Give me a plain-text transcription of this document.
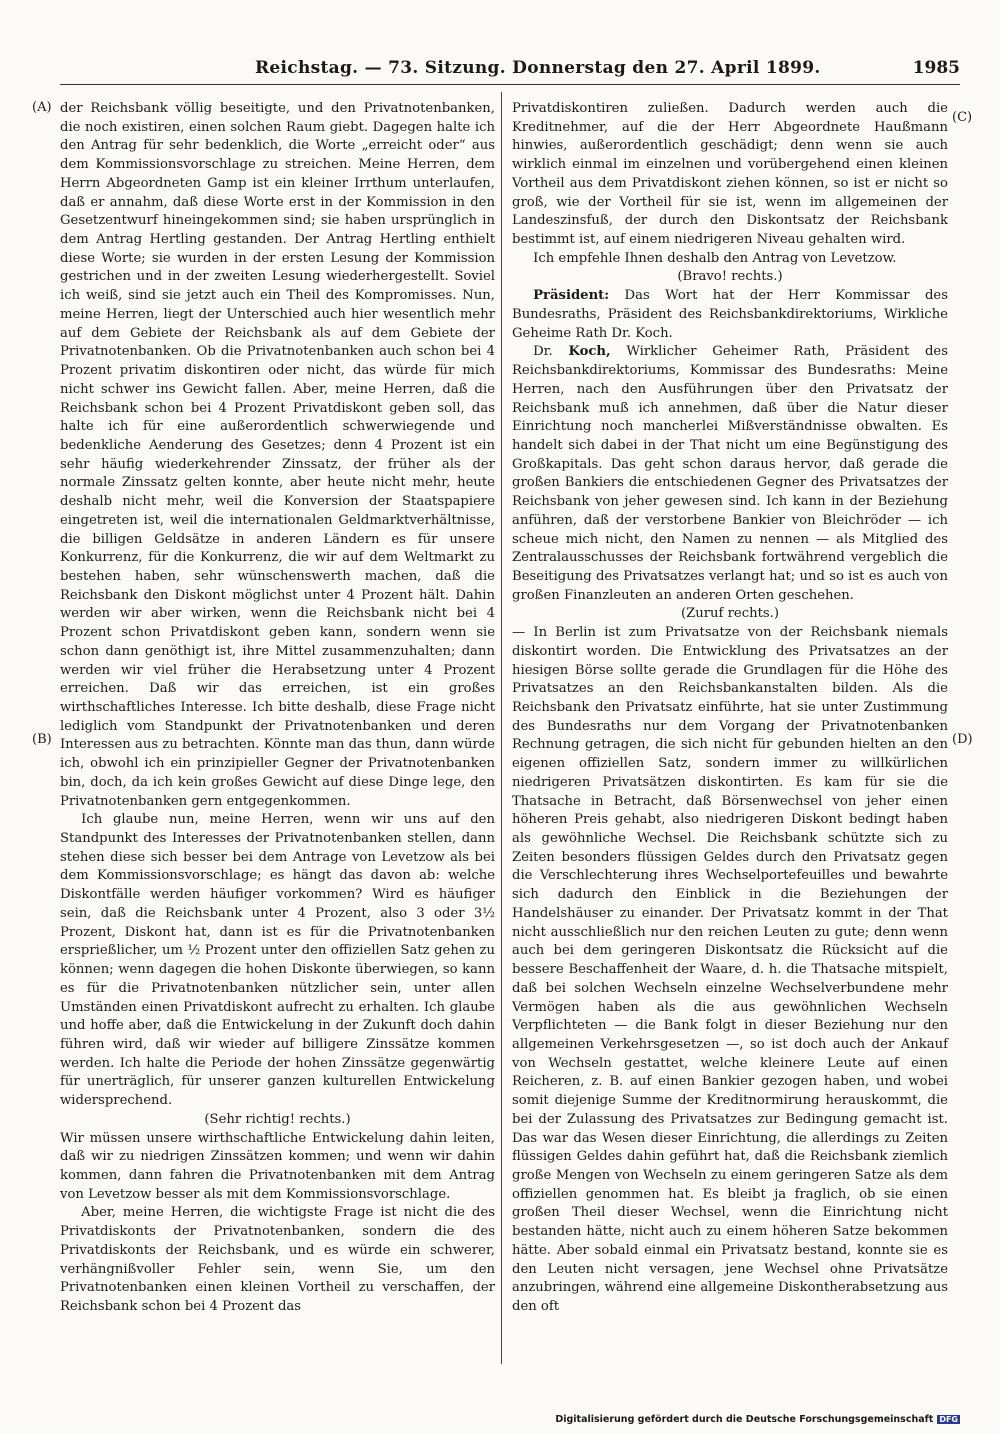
Reichstag. — 73. Sitzung. Donnerstag den 27. April 1899.	1985
(A)
(B)
(C)
(D)

der Reichsbank völlig beseitigte, und den Privatnotenbanken, die noch existiren, einen solchen Raum giebt. Dagegen halte ich den Antrag für sehr bedenklich, die Worte „erreicht oder“ aus dem Kommissionsvorschlage zu streichen. Meine Herren, dem Herrn Abgeordneten Gamp ist ein kleiner Irrthum unterlaufen, daß er annahm, daß diese Worte erst in der Kommission in den Gesetzentwurf hineingekommen sind; sie haben ursprünglich in dem Antrag Hertling gestanden. Der Antrag Hertling enthielt diese Worte; sie wurden in der ersten Lesung der Kommission gestrichen und in der zweiten Lesung wiederhergestellt. Soviel ich weiß, sind sie jetzt auch ein Theil des Kompromisses. Nun, meine Herren, liegt der Unterschied auch hier wesentlich mehr auf dem Gebiete der Reichsbank als auf dem Gebiete der Privatnotenbanken. Ob die Privatnotenbanken auch schon bei 4 Prozent privatim diskontiren oder nicht, das würde für mich nicht schwer ins Gewicht fallen. Aber, meine Herren, daß die Reichsbank schon bei 4 Prozent Privatdiskont geben soll, das halte ich für eine außerordentlich schwerwiegende und bedenkliche Aenderung des Gesetzes; denn 4 Prozent ist ein sehr häufig wiederkehrender Zinssatz, der früher als der normale Zinssatz gelten konnte, aber heute nicht mehr, heute deshalb nicht mehr, weil die Konversion der Staatspapiere eingetreten ist, weil die internationalen Geldmarktverhältnisse, die billigen Geldsätze in anderen Ländern es für unsere Konkurrenz, für die Konkurrenz, die wir auf dem Weltmarkt zu bestehen haben, sehr wünschenswerth machen, daß die Reichsbank den Diskont möglichst unter 4 Prozent hält. Dahin werden wir aber wirken, wenn die Reichsbank nicht bei 4 Prozent schon Privatdiskont geben kann, sondern wenn sie schon dann genöthigt ist, ihre Mittel zusammenzuhalten; dann werden wir viel früher die Herabsetzung unter 4 Prozent erreichen. Daß wir das erreichen, ist ein großes wirthschaftliches Interesse. Ich bitte deshalb, diese Frage nicht lediglich vom Standpunkt der Privatnotenbanken und deren Interessen aus zu betrachten. Könnte man das thun, dann würde ich, obwohl ich ein prinzipieller Gegner der Privatnotenbanken bin, doch, da ich kein großes Gewicht auf diese Dinge lege, den Privatnotenbanken gern entgegenkommen.

Ich glaube nun, meine Herren, wenn wir uns auf den Standpunkt des Interesses der Privatnotenbanken stellen, dann stehen diese sich besser bei dem Antrage von Levetzow als bei dem Kommissionsvorschlage; es hängt das davon ab: welche Diskontfälle werden häufiger vorkommen? Wird es häufiger sein, daß die Reichsbank unter 4 Prozent, also 3 oder 3½ Prozent, Diskont hat, dann ist es für die Privatnotenbanken ersprießlicher, um ½ Prozent unter den offiziellen Satz gehen zu können; wenn dagegen die hohen Diskonte überwiegen, so kann es für die Privatnotenbanken nützlicher sein, unter allen Umständen einen Privatdiskont aufrecht zu erhalten. Ich glaube und hoffe aber, daß die Entwickelung in der Zukunft doch dahin führen wird, daß wir wieder auf billigere Zinssätze kommen werden. Ich halte die Periode der hohen Zinssätze gegenwärtig für unerträglich, für unserer ganzen kulturellen Entwickelung widersprechend.

(Sehr richtig! rechts.)

Wir müssen unsere wirthschaftliche Entwickelung dahin leiten, daß wir zu niedrigen Zinssätzen kommen; und wenn wir dahin kommen, dann fahren die Privatnotenbanken mit dem Antrag von Levetzow besser als mit dem Kommissionsvorschlage.

Aber, meine Herren, die wichtigste Frage ist nicht die des Privatdiskonts der Privatnotenbanken, sondern die des Privatdiskonts der Reichsbank, und es würde ein schwerer, verhängnißvoller Fehler sein, wenn Sie, um den Privatnotenbanken einen kleinen Vortheil zu verschaffen, der Reichsbank schon bei 4 Prozent das

Privatdiskontiren zuließen. Dadurch werden auch die Kreditnehmer, auf die der Herr Abgeordnete Haußmann hinwies, außerordentlich geschädigt; denn wenn sie auch wirklich einmal im einzelnen und vorübergehend einen kleinen Vortheil aus dem Privatdiskont ziehen können, so ist er nicht so groß, wie der Vortheil für sie ist, wenn im allgemeinen der Landeszinsfuß, der durch den Diskontsatz der Reichsbank bestimmt ist, auf einem niedrigeren Niveau gehalten wird.

Ich empfehle Ihnen deshalb den Antrag von Levetzow.

(Bravo! rechts.)

Präsident: Das Wort hat der Herr Kommissar des Bundesraths, Präsident des Reichsbankdirektoriums, Wirkliche Geheime Rath Dr. Koch.

Dr. Koch, Wirklicher Geheimer Rath, Präsident des Reichsbankdirektoriums, Kommissar des Bundesraths: Meine Herren, nach den Ausführungen über den Privatsatz der Reichsbank muß ich annehmen, daß über die Natur dieser Einrichtung noch mancherlei Mißverständnisse obwalten. Es handelt sich dabei in der That nicht um eine Begünstigung des Großkapitals. Das geht schon daraus hervor, daß gerade die großen Bankiers die entschiedenen Gegner des Privatsatzes der Reichsbank von jeher gewesen sind. Ich kann in der Beziehung anführen, daß der verstorbene Bankier von Bleichröder — ich scheue mich nicht, den Namen zu nennen — als Mitglied des Zentralausschusses der Reichsbank fortwährend vergeblich die Beseitigung des Privatsatzes verlangt hat; und so ist es auch von großen Finanzleuten an anderen Orten geschehen.

(Zuruf rechts.)

— In Berlin ist zum Privatsatze von der Reichsbank niemals diskontirt worden. Die Entwicklung des Privatsatzes an der hiesigen Börse sollte gerade die Grundlagen für die Höhe des Privatsatzes an den Reichsbankanstalten bilden. Als die Reichsbank den Privatsatz einführte, hat sie unter Zustimmung des Bundesraths nur dem Vorgang der Privatnotenbanken Rechnung getragen, die sich nicht für gebunden hielten an den eigenen offiziellen Satz, sondern immer zu willkürlichen niedrigeren Privatsätzen diskontirten. Es kam für sie die Thatsache in Betracht, daß Börsenwechsel von jeher einen höheren Preis gehabt, also niedrigeren Diskont bedingt haben als gewöhnliche Wechsel. Die Reichsbank schützte sich zu Zeiten besonders flüssigen Geldes durch den Privatsatz gegen die Verschlechterung ihres Wechselportefeuilles und bewahrte sich dadurch den Einblick in die Beziehungen der Handelshäuser zu einander. Der Privatsatz kommt in der That nicht ausschließlich nur den reichen Leuten zu gute; denn wenn auch bei dem geringeren Diskontsatz die Rücksicht auf die bessere Beschaffenheit der Waare, d. h. die Thatsache mitspielt, daß bei solchen Wechseln einzelne Wechselverbundene mehr Vermögen haben als die aus gewöhnlichen Wechseln Verpflichteten — die Bank folgt in dieser Beziehung nur den allgemeinen Verkehrsgesetzen —, so ist doch auch der Ankauf von Wechseln gestattet, welche kleinere Leute auf einen Reicheren, z. B. auf einen Bankier gezogen haben, und wobei somit diejenige Summe der Kreditnormirung herauskommt, die bei der Zulassung des Privatsatzes zur Bedingung gemacht ist. Das war das Wesen dieser Einrichtung, die allerdings zu Zeiten flüssigen Geldes dahin geführt hat, daß die Reichsbank ziemlich große Mengen von Wechseln zu einem geringeren Satze als dem offiziellen genommen hat. Es bleibt ja fraglich, ob sie einen großen Theil dieser Wechsel, wenn die Einrichtung nicht bestanden hätte, nicht auch zu einem höheren Satze bekommen hätte. Aber sobald einmal ein Privatsatz bestand, konnte sie es den Leuten nicht versagen, jene Wechsel ohne Privatsätze anzubringen, während eine allgemeine Diskontherabsetzung aus den oft

Digitalisierung gefördert durch die Deutsche Forschungsgemeinschaft DFG
